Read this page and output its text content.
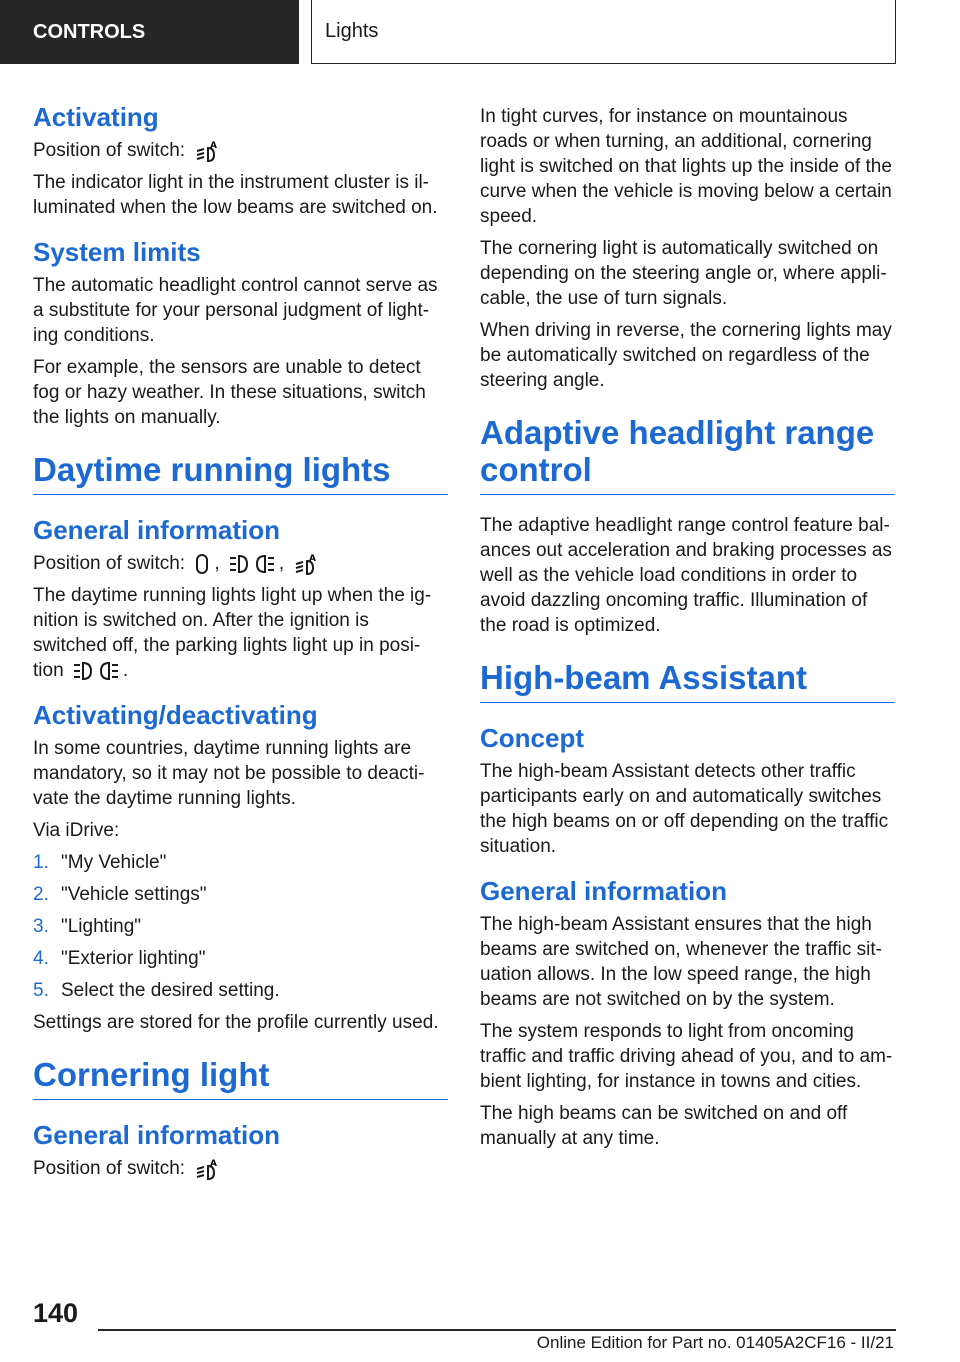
CONTROLS	Lights
Activating

Position of switch:	A

The indicator light in the instrument cluster is il-luminated when the low beams are switched on.

System limits

The automatic headlight control cannot serve as a substitute for your personal judgment of light-ing conditions.

For example, the sensors are unable to detect fog or hazy weather. In these situations, switch the lights on manually.

Daytime running lights
General information

Position of switch: ,	,	A

The daytime running lights light up when the ig-nition is switched on. After the ignition is switched off, the parking lights light up in posi-tion	.

Activating/deactivating

In some countries, daytime running lights are mandatory, so it may not be possible to deacti-vate the daytime running lights.

Via iDrive:

1. "My Vehicle"
2. "Vehicle settings"
3. "Lighting"
4. "Exterior lighting"
5. Select the desired setting.

Settings are stored for the profile currently used.

Cornering light
General information

Position of switch:	A

In tight curves, for instance on mountainous roads or when turning, an additional, cornering light is switched on that lights up the inside of the curve when the vehicle is moving below a certain speed.

The cornering light is automatically switched on depending on the steering angle or, where appli-cable, the use of turn signals.

When driving in reverse, the cornering lights may be automatically switched on regardless of the steering angle.

Adaptive headlight range control

The adaptive headlight range control feature bal-ances out acceleration and braking processes as well as the vehicle load conditions in order to avoid dazzling oncoming traffic. Illumination of the road is optimized.

High-beam Assistant
Concept

The high-beam Assistant detects other traffic participants early on and automatically switches the high beams on or off depending on the traffic situation.

General information

The high-beam Assistant ensures that the high beams are switched on, whenever the traffic sit-uation allows. In the low speed range, the high beams are not switched on by the system.

The system responds to light from oncoming traffic and traffic driving ahead of you, and to am-bient lighting, for instance in towns and cities.

The high beams can be switched on and off manually at any time.

140
Online Edition for Part no. 01405A2CF16 - II/21
